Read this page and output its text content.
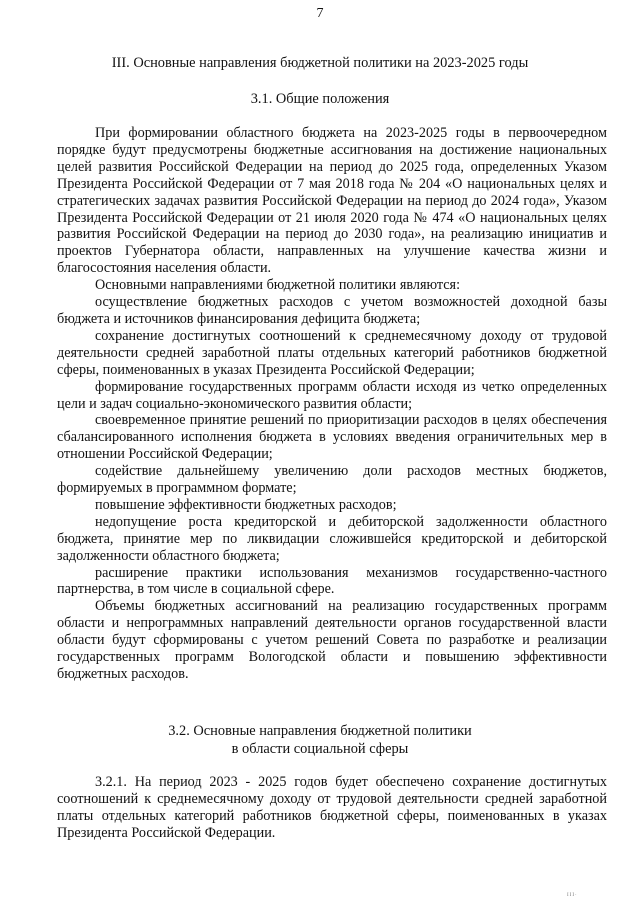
7
III. Основные направления бюджетной политики на 2023-2025 годы
3.1. Общие положения

При формировании областного бюджета на 2023-2025 годы в первоочередном порядке будут предусмотрены бюджетные ассигнования на достижение национальных целей развития Российской Федерации на период до 2025 года, определенных Указом Президента Российской Федерации от 7 мая 2018 года № 204 «О национальных целях и стратегических задачах развития Российской Федерации на период до 2024 года», Указом Президента Российской Федерации от 21 июля 2020 года № 474 «О национальных целях развития Российской Федерации на период до 2030 года», на реализацию инициатив и проектов Губернатора области, направленных на улучшение качества жизни и благосостояния населения области.

Основными направлениями бюджетной политики являются:

осуществление бюджетных расходов с учетом возможностей доходной базы бюджета и источников финансирования дефицита бюджета;

сохранение достигнутых соотношений к среднемесячному доходу от трудовой деятельности средней заработной платы отдельных категорий работников бюджетной сферы, поименованных в указах Президента Российской Федерации;

формирование государственных программ области исходя из четко определенных цели и задач социально-экономического развития области;

своевременное принятие решений по приоритизации расходов в целях обеспечения сбалансированного исполнения бюджета в условиях введения ограничительных мер в отношении Российской Федерации;

содействие дальнейшему увеличению доли расходов местных бюджетов, формируемых в программном формате;

повышение эффективности бюджетных расходов;

недопущение роста кредиторской и дебиторской задолженности областного бюджета, принятие мер по ликвидации сложившейся кредиторской и дебиторской задолженности областного бюджета;

расширение практики использования механизмов государственно-частного партнерства, в том числе в социальной сфере.

Объемы бюджетных ассигнований на реализацию государственных программ области и непрограммных направлений деятельности органов государственной власти области будут сформированы с учетом решений Совета по разработке и реализации государственных программ Вологодской области и повышению эффективности бюджетных расходов.

3.2. Основные направления бюджетной политики
в области социальной сферы

3.2.1. На период 2023 - 2025 годов будет обеспечено сохранение достигнутых соотношений к среднемесячному доходу от трудовой деятельности средней заработной платы отдельных категорий работников бюджетной сферы, поименованных в указах Президента Российской Федерации.

ІІІ·
